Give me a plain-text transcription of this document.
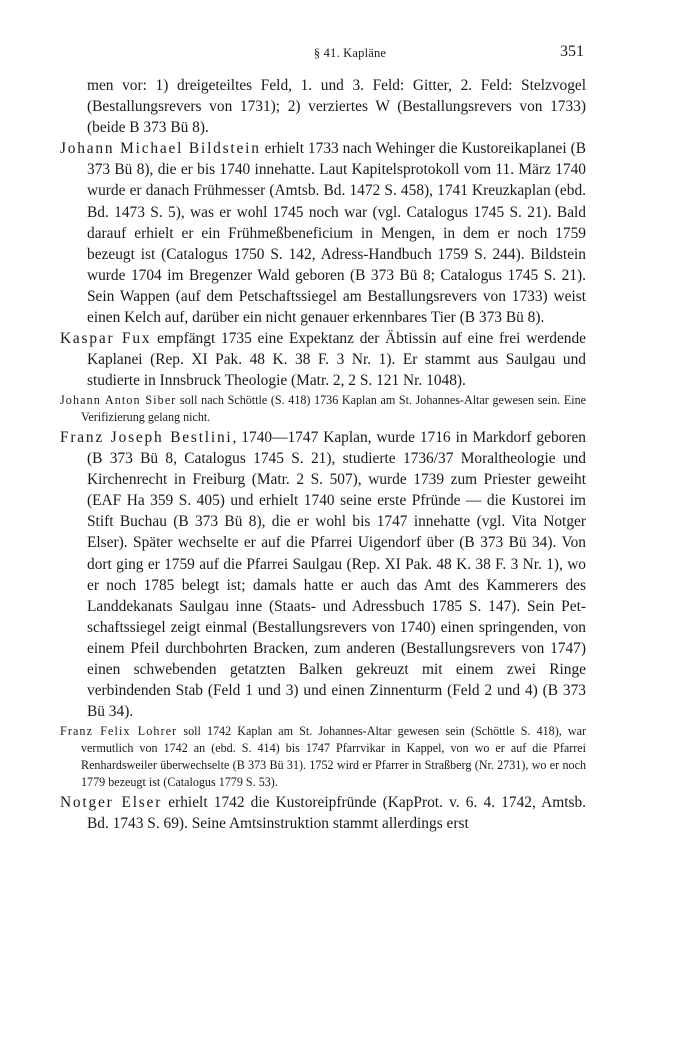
§ 41. Kapläne	351

men vor: 1) dreigeteiltes Feld, 1. und 3. Feld: Gitter, 2. Feld: Stelzvogel (Bestallungsrevers von 1731); 2) verziertes W (Bestallungsrevers von 1733) (beide B 373 Bü 8).

Johann Michael Bildstein erhielt 1733 nach Wehinger die Kustoreikaplanei (B 373 Bü 8), die er bis 1740 innehatte. Laut Kapitelsprotokoll vom 11. März 1740 wurde er danach Frühmesser (Amtsb. Bd. 1472 S. 458), 1741 Kreuzkaplan (ebd. Bd. 1473 S. 5), was er wohl 1745 noch war (vgl. Catalogus 1745 S. 21). Bald darauf erhielt er ein Frühmeßbeneficium in Mengen, in dem er noch 1759 bezeugt ist (Catalogus 1750 S. 142, Adress-Handbuch 1759 S. 244). Bildstein wurde 1704 im Bregenzer Wald geboren (B 373 Bü 8; Catalogus 1745 S. 21). Sein Wappen (auf dem Petschaftssiegel am Bestallungsrevers von 1733) weist einen Kelch auf, darüber ein nicht genauer erkennbares Tier (B 373 Bü 8).

Kaspar Fux empfängt 1735 eine Expektanz der Äbtissin auf eine frei werdende Kaplanei (Rep. XI Pak. 48 K. 38 F. 3 Nr. 1). Er stammt aus Saulgau und studierte in Innsbruck Theologie (Matr. 2, 2 S. 121 Nr. 1048).

Johann Anton Siber soll nach Schöttle (S. 418) 1736 Kaplan am St. Johannes-Altar gewesen sein. Eine Verifizierung gelang nicht.

Franz Joseph Bestlini, 1740—1747 Kaplan, wurde 1716 in Markdorf geboren (B 373 Bü 8, Catalogus 1745 S. 21), studierte 1736/37 Moraltheologie und Kirchenrecht in Freiburg (Matr. 2 S. 507), wurde 1739 zum Priester geweiht (EAF Ha 359 S. 405) und erhielt 1740 seine erste Pfründe — die Kustorei im Stift Buchau (B 373 Bü 8), die er wohl bis 1747 innehatte (vgl. Vita Notger Elser). Später wechselte er auf die Pfarrei Uigendorf über (B 373 Bü 34). Von dort ging er 1759 auf die Pfarrei Saulgau (Rep. XI Pak. 48 K. 38 F. 3 Nr. 1), wo er noch 1785 belegt ist; damals hatte er auch das Amt des Kammerers des Landdekanats Saulgau inne (Staats- und Adressbuch 1785 S. 147). Sein Petschaftssiegel zeigt einmal (Bestallungsrevers von 1740) einen springenden, von einem Pfeil durchbohrten Bracken, zum anderen (Bestallungsrevers von 1747) einen schwebenden getatzten Balken gekreuzt mit einem zwei Ringe verbindenden Stab (Feld 1 und 3) und einen Zinnenturm (Feld 2 und 4) (B 373 Bü 34).

Franz Felix Lohrer soll 1742 Kaplan am St. Johannes-Altar gewesen sein (Schöttle S. 418), war vermutlich von 1742 an (ebd. S. 414) bis 1747 Pfarrvikar in Kappel, von wo er auf die Pfarrei Renhardsweiler überwechselte (B 373 Bü 31). 1752 wird er Pfarrer in Straßberg (Nr. 2731), wo er noch 1779 bezeugt ist (Catalogus 1779 S. 53).

Notger Elser erhielt 1742 die Kustoreipfründe (KapProt. v. 6. 4. 1742, Amtsb. Bd. 1743 S. 69). Seine Amtsinstruktion stammt allerdings erst
